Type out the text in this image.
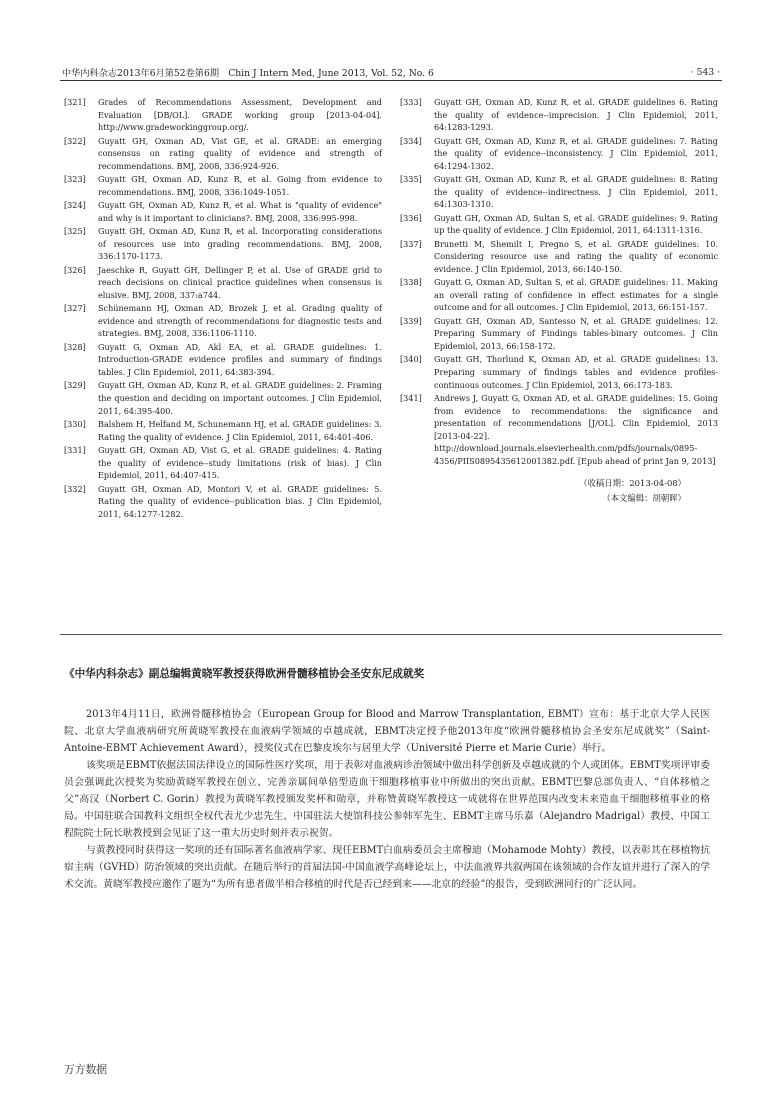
中华内科杂志2013年6月第52卷第6期　Chin J Intern Med, June 2013, Vol. 52, No. 6	· 543 ·
[321]	Grades of Recommendations Assessment, Development and Evaluation [DB/OL]. GRADE working group [2013-04-04]. http://www.gradeworkinggroup.org/.
[322]	Guyatt GH, Oxman AD, Vist GE, et al. GRADE: an emerging consensus on rating quality of evidence and strength of recommendations. BMJ, 2008, 336:924-926.
[323]	Guyatt GH, Oxman AD, Kunz R, et al. Going from evidence to recommendations. BMJ, 2008, 336:1049-1051.
[324]	Guyatt GH, Oxman AD, Kunz R, et al. What is "quality of evidence" and why is it important to clinicians?. BMJ, 2008, 336:995-998.
[325]	Guyatt GH, Oxman AD, Kunz R, et al. Incorporating considerations of resources use into grading recommendations. BMJ, 2008, 336:1170-1173.
[326]	Jaeschke R, Guyatt GH, Dellinger P, et al. Use of GRADE grid to reach decisions on clinical practice guidelines when consensus is elusive. BMJ, 2008, 337:a744.
[327]	Schünemann HJ, Oxman AD, Brozek J, et al. Grading quality of evidence and strength of recommendations for diagnostic tests and strategies. BMJ, 2008, 336:1106-1110.
[328]	Guyatt G, Oxman AD, Akl EA, et al. GRADE guidelines: 1. Introduction-GRADE evidence profiles and summary of findings tables. J Clin Epidemiol, 2011, 64:383-394.
[329]	Guyatt GH, Oxman AD, Kunz R, et al. GRADE guidelines: 2. Framing the question and deciding on important outcomes. J Clin Epidemiol, 2011, 64:395-400.
[330]	Balshem H, Helfand M, Schunemann HJ, et al. GRADE guidelines: 3. Rating the quality of evidence. J Clin Epidemiol, 2011, 64:401-406.
[331]	Guyatt GH, Oxman AD, Vist G, et al. GRADE guidelines: 4. Rating the quality of evidence--study limitations (risk of bias). J Clin Epidemiol, 2011, 64:407-415.
[332]	Guyatt GH, Oxman AD, Montori V, et al. GRADE guidelines: 5. Rating the quality of evidence--publication bias. J Clin Epidemiol, 2011, 64:1277-1282.
[333]	Guyatt GH, Oxman AD, Kunz R, et al. GRADE guidelines 6. Rating the quality of evidence--imprecision. J Clin Epidemiol, 2011, 64:1283-1293.
[334]	Guyatt GH, Oxman AD, Kunz R, et al. GRADE guidelines: 7. Rating the quality of evidence--inconsistency. J Clin Epidemiol, 2011, 64:1294-1302.
[335]	Guyatt GH, Oxman AD, Kunz R, et al. GRADE guidelines: 8. Rating the quality of evidence--indirectness. J Clin Epidemiol, 2011, 64:1303-1310.
[336]	Guyatt GH, Oxman AD, Sultan S, et al. GRADE guidelines: 9. Rating up the quality of evidence. J Clin Epidemiol, 2011, 64:1311-1316.
[337]	Brunetti M, Shemilt I, Pregno S, et al. GRADE guidelines: 10. Considering resource use and rating the quality of economic evidence. J Clin Epidemiol, 2013, 66:140-150.
[338]	Guyatt G, Oxman AD, Sultan S, et al. GRADE guidelines: 11. Making an overall rating of confidence in effect estimates for a single outcome and for all outcomes. J Clin Epidemiol, 2013, 66:151-157.
[339]	Guyatt GH, Oxman AD, Santesso N, et al. GRADE guidelines: 12. Preparing Summary of Findings tables-binary outcomes. J Clin Epidemiol, 2013, 66:158-172.
[340]	Guyatt GH, Thorlund K, Oxman AD, et al. GRADE guidelines: 13. Preparing summary of findings tables and evidence profiles-continuous outcomes. J Clin Epidemiol, 2013, 66:173-183.
[341]	Andrews J, Guyatt G, Oxman AD, et al. GRADE guidelines: 15. Going from evidence to recommendations: the significance and presentation of recommendations [J/OL]. Clin Epidemiol, 2013 [2013-04-22]. http://download.journals.elsevierhealth.com/pdfs/journals/0895-4356/PIIS0895435612001382.pdf. [Epub ahead of print Jan 9, 2013]
（收稿日期：2013-04-08）
（本文编辑：胡朝晖）
《中华内科杂志》副总编辑黄晓军教授获得欧洲骨髓移植协会圣安东尼成就奖

2013年4月11日，欧洲骨髓移植协会（European Group for Blood and Marrow Transplantation, EBMT）宣布：基于北京大学人民医院、北京大学血液病研究所黄晓军教授在血液病学领域的卓越成就，EBMT决定授予他2013年度“欧洲骨髓移植协会圣安东尼成就奖”（Saint-Antoine-EBMT Achievement Award），授奖仪式在巴黎皮埃尔与居里大学（Université Pierre et Marie Curie）举行。

该奖项是EBMT依据法国法律设立的国际性医疗奖项，用于表彰对血液病诊治领域中做出科学创新及卓越成就的个人或团体。EBMT奖项评审委员会强调此次授奖为奖励黄晓军教授在创立、完善亲属间单倍型造血干细胞移植事业中所做出的突出贡献。EBMT巴黎总部负责人、“自体移植之父”高汉（Norbert C. Gorin）教授为黄晓军教授颁发奖杯和勋章，并称赞黄晓军教授这一成就将在世界范围内改变未来造血干细胞移植事业的格局。中国驻联合国教科文组织全权代表尤少忠先生、中国驻法大使馆科技公参韩军先生、EBMT主席马乐嘉（Alejandro Madrigal）教授、中国工程院院士阮长耿教授到会见证了这一重大历史时刻并表示祝贺。

与黄教授同时获得这一奖项的还有国际著名血液病学家、现任EBMT白血病委员会主席穆迪（Mohamode Mohty）教授，以表彰其在移植物抗宿主病（GVHD）防治领域的突出贡献。在随后举行的首届法国-中国血液学高峰论坛上，中法血液界共叙两国在该领域的合作友谊并进行了深入的学术交流。黄晓军教授应邀作了题为“为所有患者做半相合移植的时代是否已经到来——北京的经验”的报告，受到欧洲同行的广泛认同。

万方数据
